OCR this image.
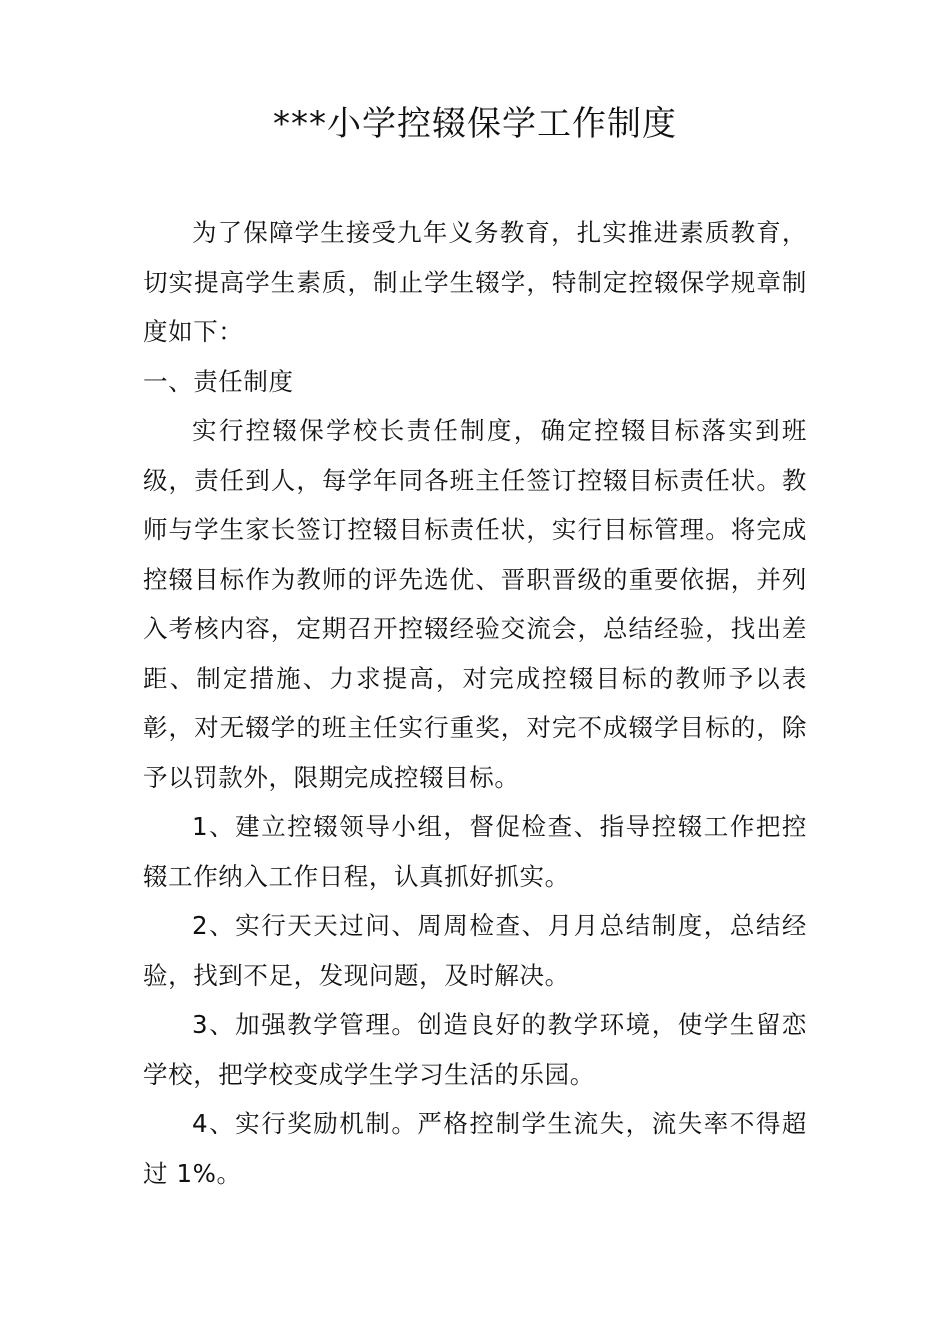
***小学控辍保学工作制度

为了保障学生接受九年义务教育，扎实推进素质教育，切实提高学生素质，制止学生辍学，特制定控辍保学规章制度如下：

一、责任制度

实行控辍保学校长责任制度，确定控辍目标落实到班级，责任到人，每学年同各班主任签订控辍目标责任状。教师与学生家长签订控辍目标责任状，实行目标管理。将完成控辍目标作为教师的评先选优、晋职晋级的重要依据，并列入考核内容，定期召开控辍经验交流会，总结经验，找出差距、制定措施、力求提高，对完成控辍目标的教师予以表彰，对无辍学的班主任实行重奖，对完不成辍学目标的，除予以罚款外，限期完成控辍目标。

1、建立控辍领导小组，督促检查、指导控辍工作把控辍工作纳入工作日程，认真抓好抓实。

2、实行天天过问、周周检查、月月总结制度，总结经验，找到不足，发现问题，及时解决。

3、加强教学管理。创造良好的教学环境，使学生留恋学校，把学校变成学生学习生活的乐园。

4、实行奖励机制。严格控制学生流失，流失率不得超过 1%。
